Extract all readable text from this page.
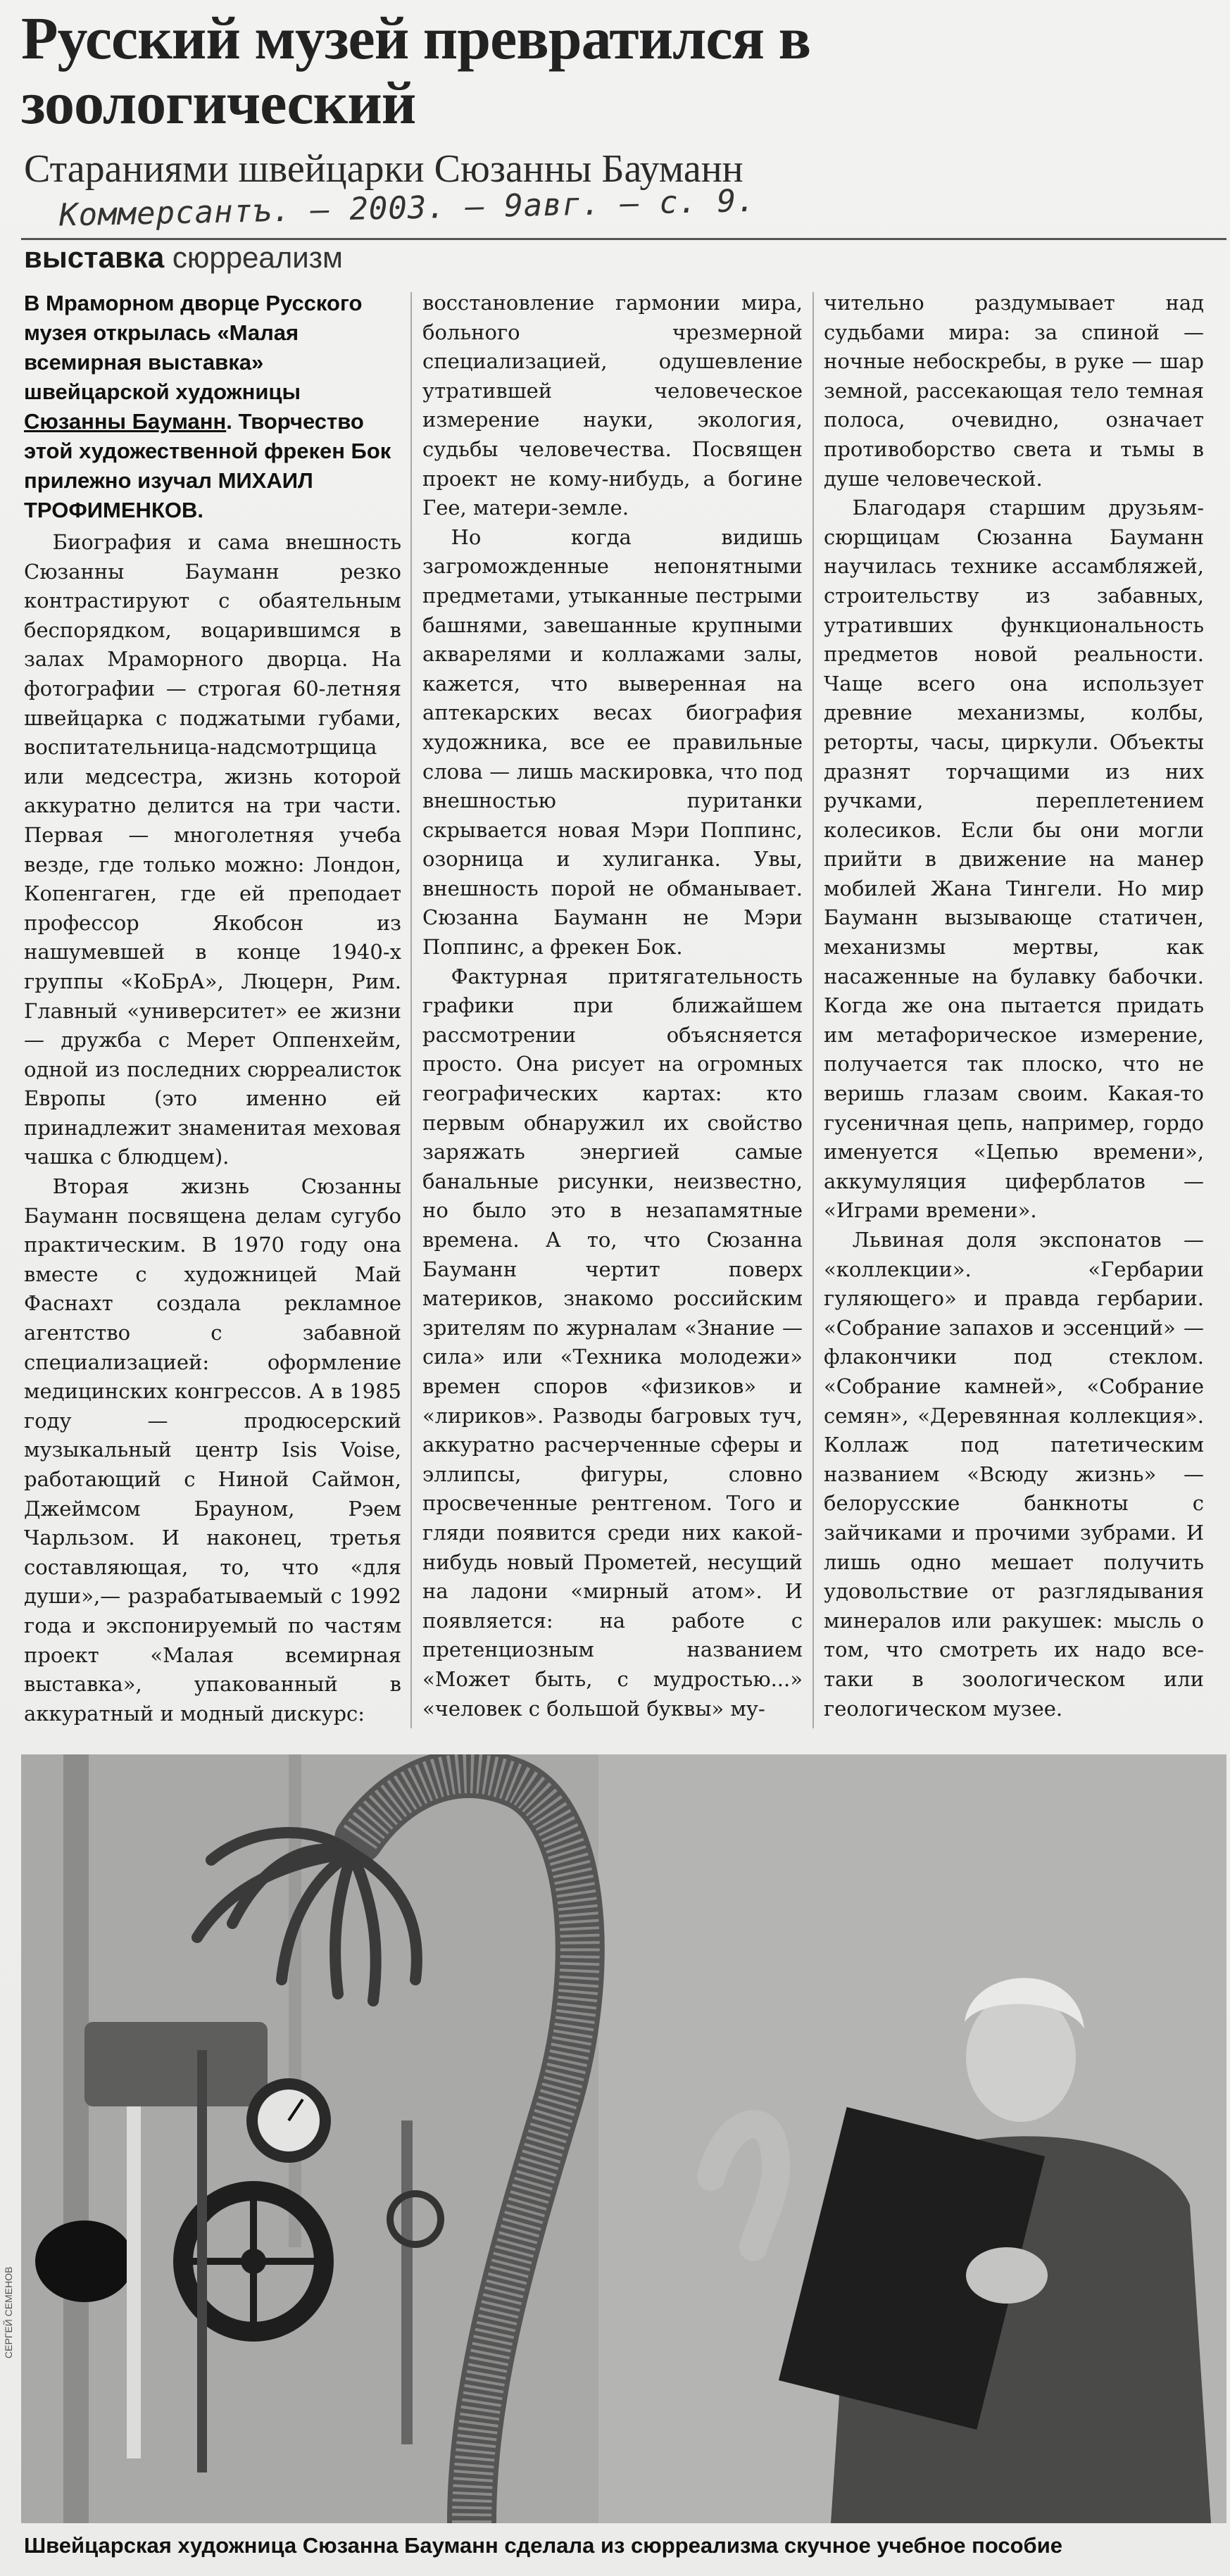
Русский музей превратился в зоологический
Стараниями швейцарки Сюзанны Бауманн
Коммерсантъ. – 2003. – 9авг. – с. 9.
выставка сюрреализм

В Мраморном дворце Русского музея открылась «Малая всемирная выставка» швейцарской художницы Сюзанны Бауманн. Творчество этой художественной фрекен Бок прилежно изучал МИХАИЛ ТРОФИМЕНКОВ.

Биография и сама внешность Сюзанны Бауманн резко контрастируют с обаятельным беспорядком, воцарившимся в залах Мраморного дворца. На фотографии — строгая 60-летняя швейцарка с поджатыми губами, воспитательница-надсмотрщица или медсестра, жизнь которой аккуратно делится на три части. Первая — многолетняя учеба везде, где только можно: Лондон, Копенгаген, где ей преподает профессор Якобсон из нашумевшей в конце 1940-х группы «КоБрА», Люцерн, Рим. Главный «университет» ее жизни — дружба с Мерет Оппенхейм, одной из последних сюрреалисток Европы (это именно ей принадлежит знаменитая меховая чашка с блюдцем).

Вторая жизнь Сюзанны Бауманн посвящена делам сугубо практическим. В 1970 году она вместе с художницей Май Фаснахт создала рекламное агентство с забавной специализацией: оформление медицинских конгрессов. А в 1985 году — продюсерский музыкальный центр Isis Voise, работающий с Ниной Саймон, Джеймсом Брауном, Рэем Чарльзом. И наконец, третья составляющая, то, что «для души»,— разрабатываемый с 1992 года и экспонируемый по частям проект «Малая всемирная выставка», упакованный в аккуратный и модный дискурс:

восстановление гармонии мира, больного чрезмерной специализацией, одушевление утратившей человеческое измерение науки, экология, судьбы человечества. Посвящен проект не кому-нибудь, а богине Гее, матери-земле.

Но когда видишь загроможденные непонятными предметами, утыканные пестрыми башнями, завешанные крупными акварелями и коллажами залы, кажется, что выверенная на аптекарских весах биография художника, все ее правильные слова — лишь маскировка, что под внешностью пуританки скрывается новая Мэри Поппинс, озорница и хулиганка. Увы, внешность порой не обманывает. Сюзанна Бауманн не Мэри Поппинс, а фрекен Бок.

Фактурная притягательность графики при ближайшем рассмотрении объясняется просто. Она рисует на огромных географических картах: кто первым обнаружил их свойство заряжать энергией самые банальные рисунки, неизвестно, но было это в незапамятные времена. А то, что Сюзанна Бауманн чертит поверх материков, знакомо российским зрителям по журналам «Знание — сила» или «Техника молодежи» времен споров «физиков» и «лириков». Разводы багровых туч, аккуратно расчерченные сферы и эллипсы, фигуры, словно просвеченные рентгеном. Того и гляди появится среди них какой-нибудь новый Прометей, несущий на ладони «мирный атом». И появляется: на работе с претенциозным названием «Может быть, с мудростью...» «человек с большой буквы» му-

чительно раздумывает над судьбами мира: за спиной — ночные небоскребы, в руке — шар земной, рассекающая тело темная полоса, очевидно, означает противоборство света и тьмы в душе человеческой.

Благодаря старшим друзьям-сюрщицам Сюзанна Бауманн научилась технике ассамбляжей, строительству из забавных, утративших функциональность предметов новой реальности. Чаще всего она использует древние механизмы, колбы, реторты, часы, циркули. Объекты дразнят торчащими из них ручками, переплетением колесиков. Если бы они могли прийти в движение на манер мобилей Жана Тингели. Но мир Бауманн вызывающе статичен, механизмы мертвы, как насаженные на булавку бабочки. Когда же она пытается придать им метафорическое измерение, получается так плоско, что не веришь глазам своим. Какая-то гусеничная цепь, например, гордо именуется «Цепью времени», аккумуляция циферблатов — «Играми времени».

Львиная доля экспонатов — «коллекции». «Гербарии гуляющего» и правда гербарии. «Собрание запахов и эссенций» — флакончики под стеклом. «Собрание камней», «Собрание семян», «Деревянная коллекция». Коллаж под патетическим названием «Всюду жизнь» — белорусские банкноты с зайчиками и прочими зубрами. И лишь одно мешает получить удовольствие от разглядывания минералов или ракушек: мысль о том, что смотреть их надо все-таки в зоологическом или геологическом музее.

СЕРГЕЙ СЕМЕНОВ
Швейцарская художница Сюзанна Бауманн сделала из сюрреализма скучное учебное пособие
